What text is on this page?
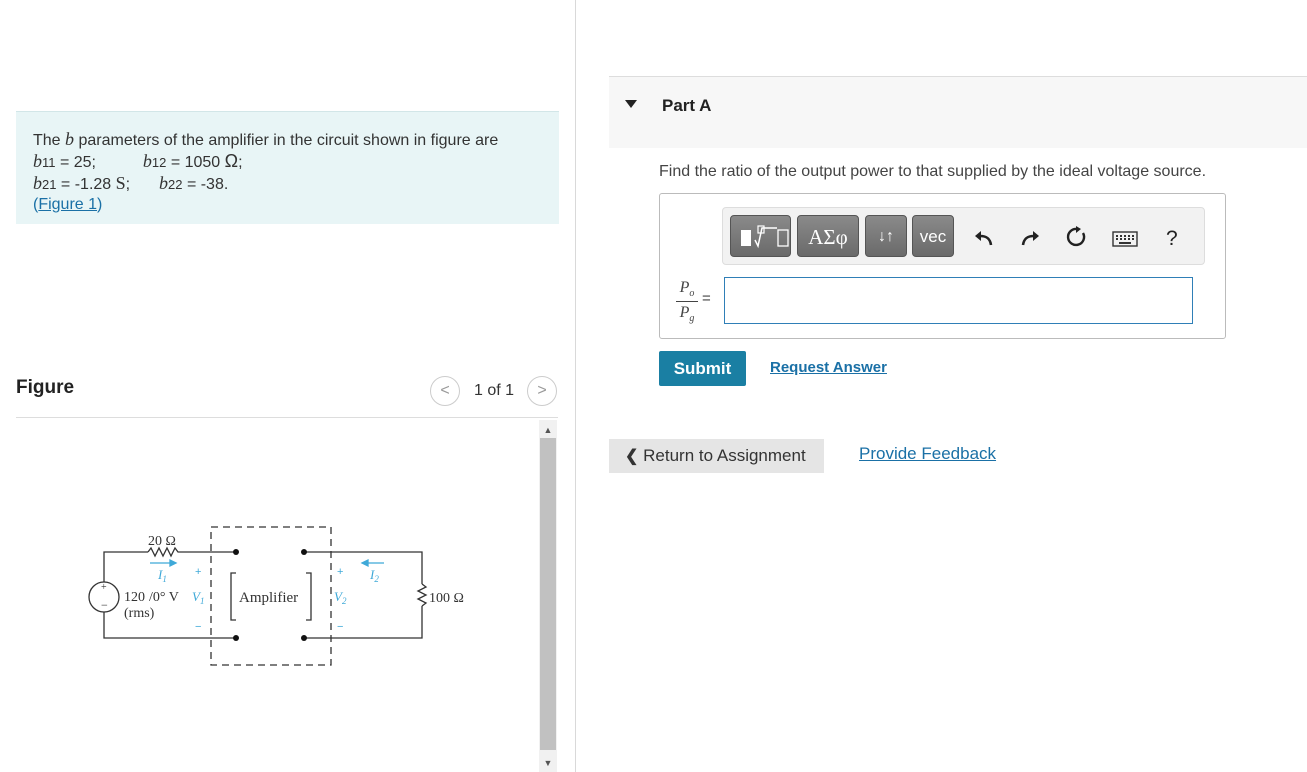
The b parameters of the amplifier in the circuit shown in figure are
b11 = 25;	b12 = 1050 Ω;
b21 = -1.28 S; b22 = -38.
(Figure 1)
Figure	<	1 of 1	>
▲
▼
20 Ω
+
− 120 /0° V
(rms)
Amplifier	100 Ω
$I_1$
$V_1$	$V_2$
$I_2$
+
−
+
−
Part A
Find the ratio of the output power to that supplied by the ideal voltage source.
ΑΣφ	↓↑	vec	?
$P_o$
$P_g$
=
Submit	Request Answer
❮ Return to Assignment	Provide Feedback
